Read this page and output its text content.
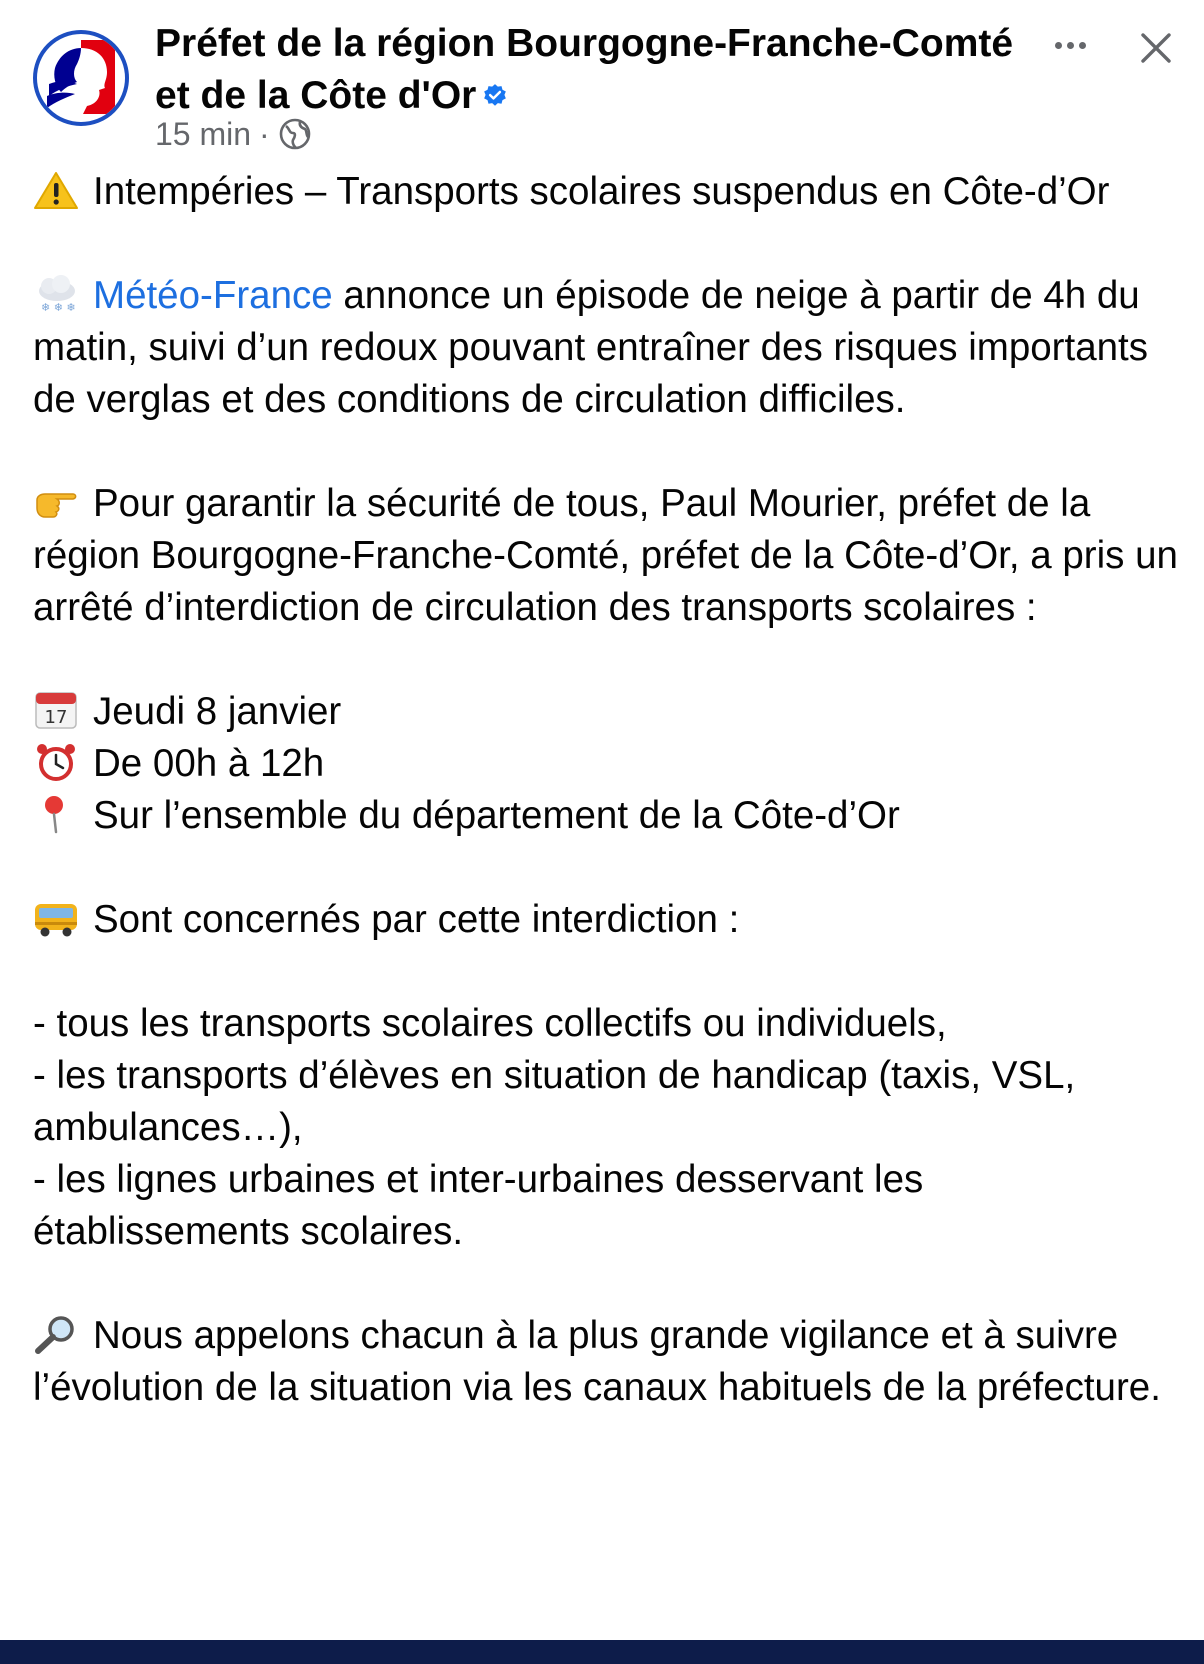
Préfet de la région Bourgogne-Franche-Comté et de la Côte d'Or
15 min ·

Intempéries – Transports scolaires suspendus en Côte-d’Or

❄ ❄ ❄ Météo-France annonce un épisode de neige à partir de 4h du matin, suivi d’un redoux pouvant entraîner des risques importants de verglas et des conditions de circulation difficiles.

Pour garantir la sécurité de tous, Paul Mourier, préfet de la région Bourgogne-Franche-Comté, préfet de la Côte-d’Or, a pris un arrêté d’interdiction de circulation des transports scolaires :

17 Jeudi 8 janvier

De 00h à 12h

Sur l’ensemble du département de la Côte-d’Or

Sont concernés par cette interdiction :

- tous les transports scolaires collectifs ou individuels,

- les transports d’élèves en situation de handicap (taxis, VSL, ambulances…),

- les lignes urbaines et inter-urbaines desservant les établissements scolaires.

Nous appelons chacun à la plus grande vigilance et à suivre l’évolution de la situation via les canaux habituels de la préfecture.
